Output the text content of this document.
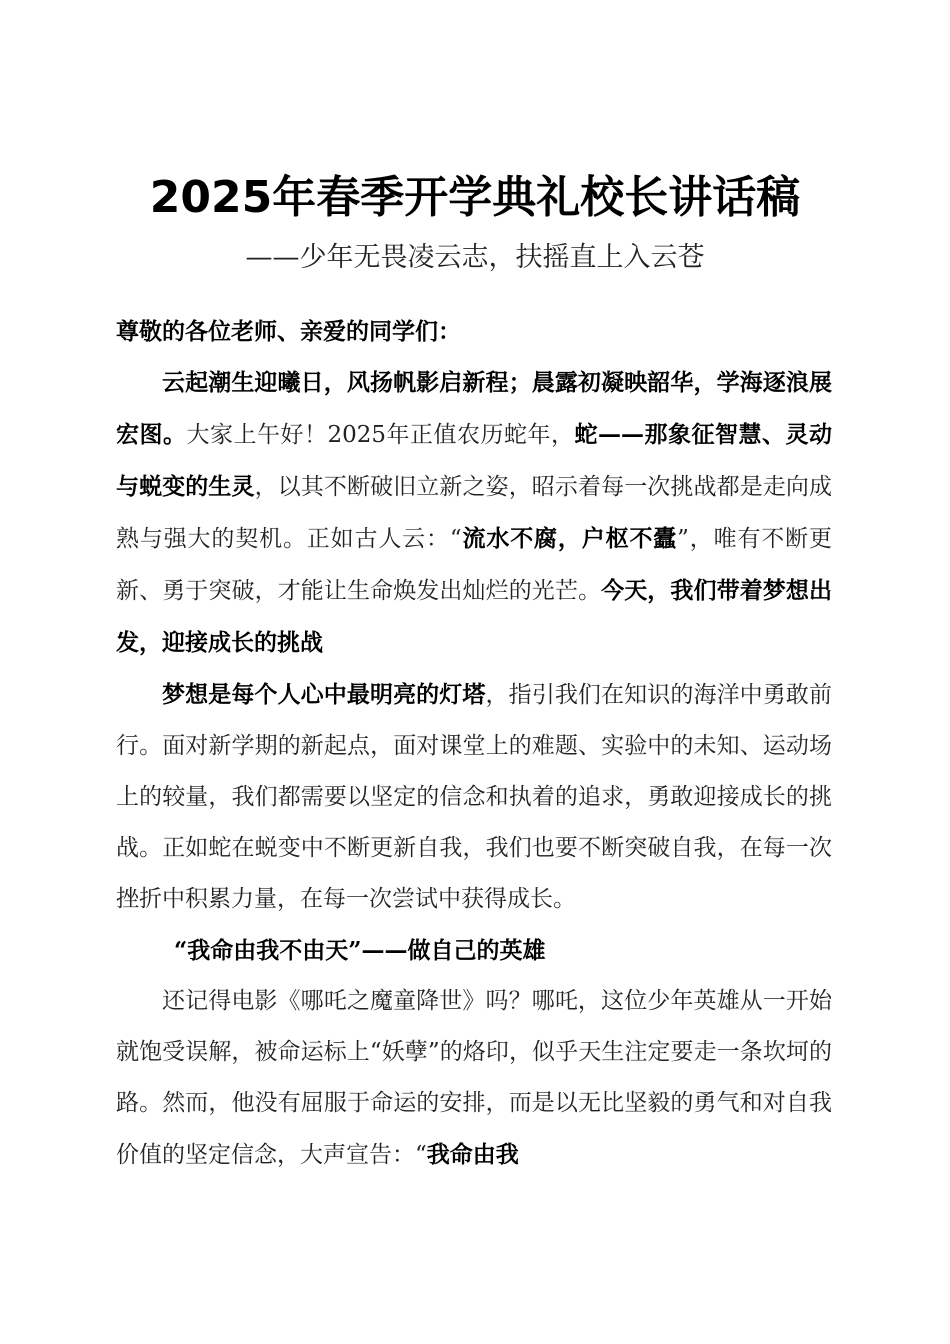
2025年春季开学典礼校长讲话稿
——少年无畏凌云志，扶摇直上入云苍

尊敬的各位老师、亲爱的同学们：

云起潮生迎曦日，风扬帆影启新程；晨露初凝映韶华，学海逐浪展宏图。大家上午好！2025年正值农历蛇年，蛇——那象征智慧、灵动与蜕变的生灵，以其不断破旧立新之姿，昭示着每一次挑战都是走向成熟与强大的契机。正如古人云：“流水不腐，户枢不蠹”，唯有不断更新、勇于突破，才能让生命焕发出灿烂的光芒。今天，我们带着梦想出发，迎接成长的挑战

梦想是每个人心中最明亮的灯塔，指引我们在知识的海洋中勇敢前行。面对新学期的新起点，面对课堂上的难题、实验中的未知、运动场上的较量，我们都需要以坚定的信念和执着的追求，勇敢迎接成长的挑战。正如蛇在蜕变中不断更新自我，我们也要不断突破自我，在每一次挫折中积累力量，在每一次尝试中获得成长。

“我命由我不由天”——做自己的英雄

还记得电影《哪吒之魔童降世》吗？哪吒，这位少年英雄从一开始就饱受误解，被命运标上“妖孽”的烙印，似乎天生注定要走一条坎坷的路。然而，他没有屈服于命运的安排，而是以无比坚毅的勇气和对自我价值的坚定信念，大声宣告：“我命由我
